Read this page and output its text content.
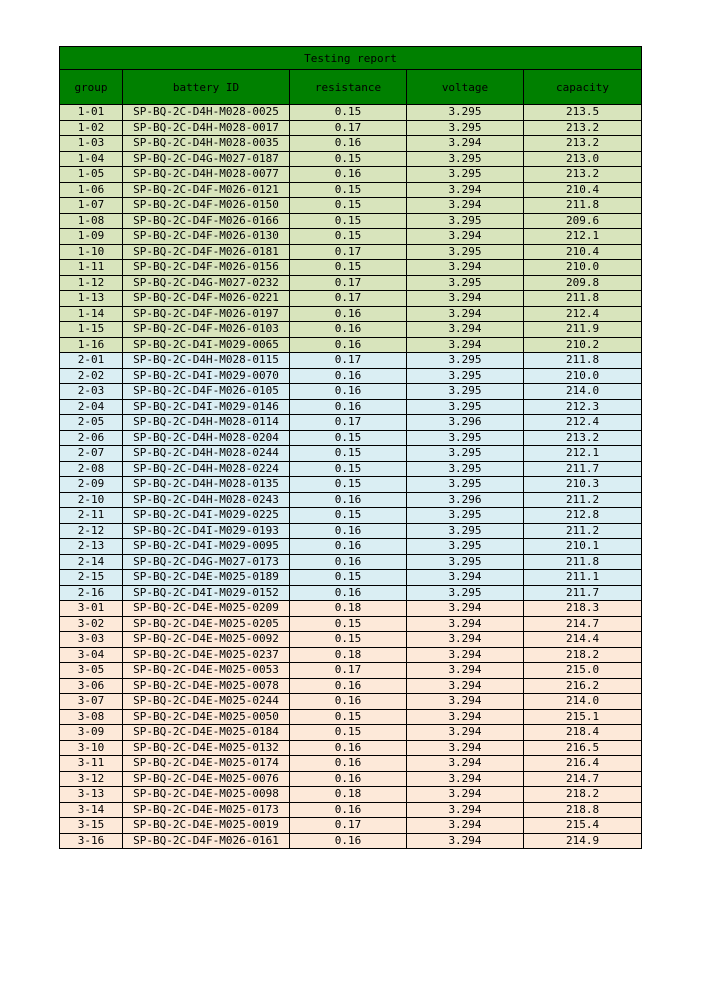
Testing report				
group	battery ID	resistance	voltage	capacity
1-01	SP-BQ-2C-D4H-M028-0025	0.15	3.295	213.5
1-02	SP-BQ-2C-D4H-M028-0017	0.17	3.295	213.2
1-03	SP-BQ-2C-D4H-M028-0035	0.16	3.294	213.2
1-04	SP-BQ-2C-D4G-M027-0187	0.15	3.295	213.0
1-05	SP-BQ-2C-D4H-M028-0077	0.16	3.295	213.2
1-06	SP-BQ-2C-D4F-M026-0121	0.15	3.294	210.4
1-07	SP-BQ-2C-D4F-M026-0150	0.15	3.294	211.8
1-08	SP-BQ-2C-D4F-M026-0166	0.15	3.295	209.6
1-09	SP-BQ-2C-D4F-M026-0130	0.15	3.294	212.1
1-10	SP-BQ-2C-D4F-M026-0181	0.17	3.295	210.4
1-11	SP-BQ-2C-D4F-M026-0156	0.15	3.294	210.0
1-12	SP-BQ-2C-D4G-M027-0232	0.17	3.295	209.8
1-13	SP-BQ-2C-D4F-M026-0221	0.17	3.294	211.8
1-14	SP-BQ-2C-D4F-M026-0197	0.16	3.294	212.4
1-15	SP-BQ-2C-D4F-M026-0103	0.16	3.294	211.9
1-16	SP-BQ-2C-D4I-M029-0065	0.16	3.294	210.2
2-01	SP-BQ-2C-D4H-M028-0115	0.17	3.295	211.8
2-02	SP-BQ-2C-D4I-M029-0070	0.16	3.295	210.0
2-03	SP-BQ-2C-D4F-M026-0105	0.16	3.295	214.0
2-04	SP-BQ-2C-D4I-M029-0146	0.16	3.295	212.3
2-05	SP-BQ-2C-D4H-M028-0114	0.17	3.296	212.4
2-06	SP-BQ-2C-D4H-M028-0204	0.15	3.295	213.2
2-07	SP-BQ-2C-D4H-M028-0244	0.15	3.295	212.1
2-08	SP-BQ-2C-D4H-M028-0224	0.15	3.295	211.7
2-09	SP-BQ-2C-D4H-M028-0135	0.15	3.295	210.3
2-10	SP-BQ-2C-D4H-M028-0243	0.16	3.296	211.2
2-11	SP-BQ-2C-D4I-M029-0225	0.15	3.295	212.8
2-12	SP-BQ-2C-D4I-M029-0193	0.16	3.295	211.2
2-13	SP-BQ-2C-D4I-M029-0095	0.16	3.295	210.1
2-14	SP-BQ-2C-D4G-M027-0173	0.16	3.295	211.8
2-15	SP-BQ-2C-D4E-M025-0189	0.15	3.294	211.1
2-16	SP-BQ-2C-D4I-M029-0152	0.16	3.295	211.7
3-01	SP-BQ-2C-D4E-M025-0209	0.18	3.294	218.3
3-02	SP-BQ-2C-D4E-M025-0205	0.15	3.294	214.7
3-03	SP-BQ-2C-D4E-M025-0092	0.15	3.294	214.4
3-04	SP-BQ-2C-D4E-M025-0237	0.18	3.294	218.2
3-05	SP-BQ-2C-D4E-M025-0053	0.17	3.294	215.0
3-06	SP-BQ-2C-D4E-M025-0078	0.16	3.294	216.2
3-07	SP-BQ-2C-D4E-M025-0244	0.16	3.294	214.0
3-08	SP-BQ-2C-D4E-M025-0050	0.15	3.294	215.1
3-09	SP-BQ-2C-D4E-M025-0184	0.15	3.294	218.4
3-10	SP-BQ-2C-D4E-M025-0132	0.16	3.294	216.5
3-11	SP-BQ-2C-D4E-M025-0174	0.16	3.294	216.4
3-12	SP-BQ-2C-D4E-M025-0076	0.16	3.294	214.7
3-13	SP-BQ-2C-D4E-M025-0098	0.18	3.294	218.2
3-14	SP-BQ-2C-D4E-M025-0173	0.16	3.294	218.8
3-15	SP-BQ-2C-D4E-M025-0019	0.17	3.294	215.4
3-16	SP-BQ-2C-D4F-M026-0161	0.16	3.294	214.9
